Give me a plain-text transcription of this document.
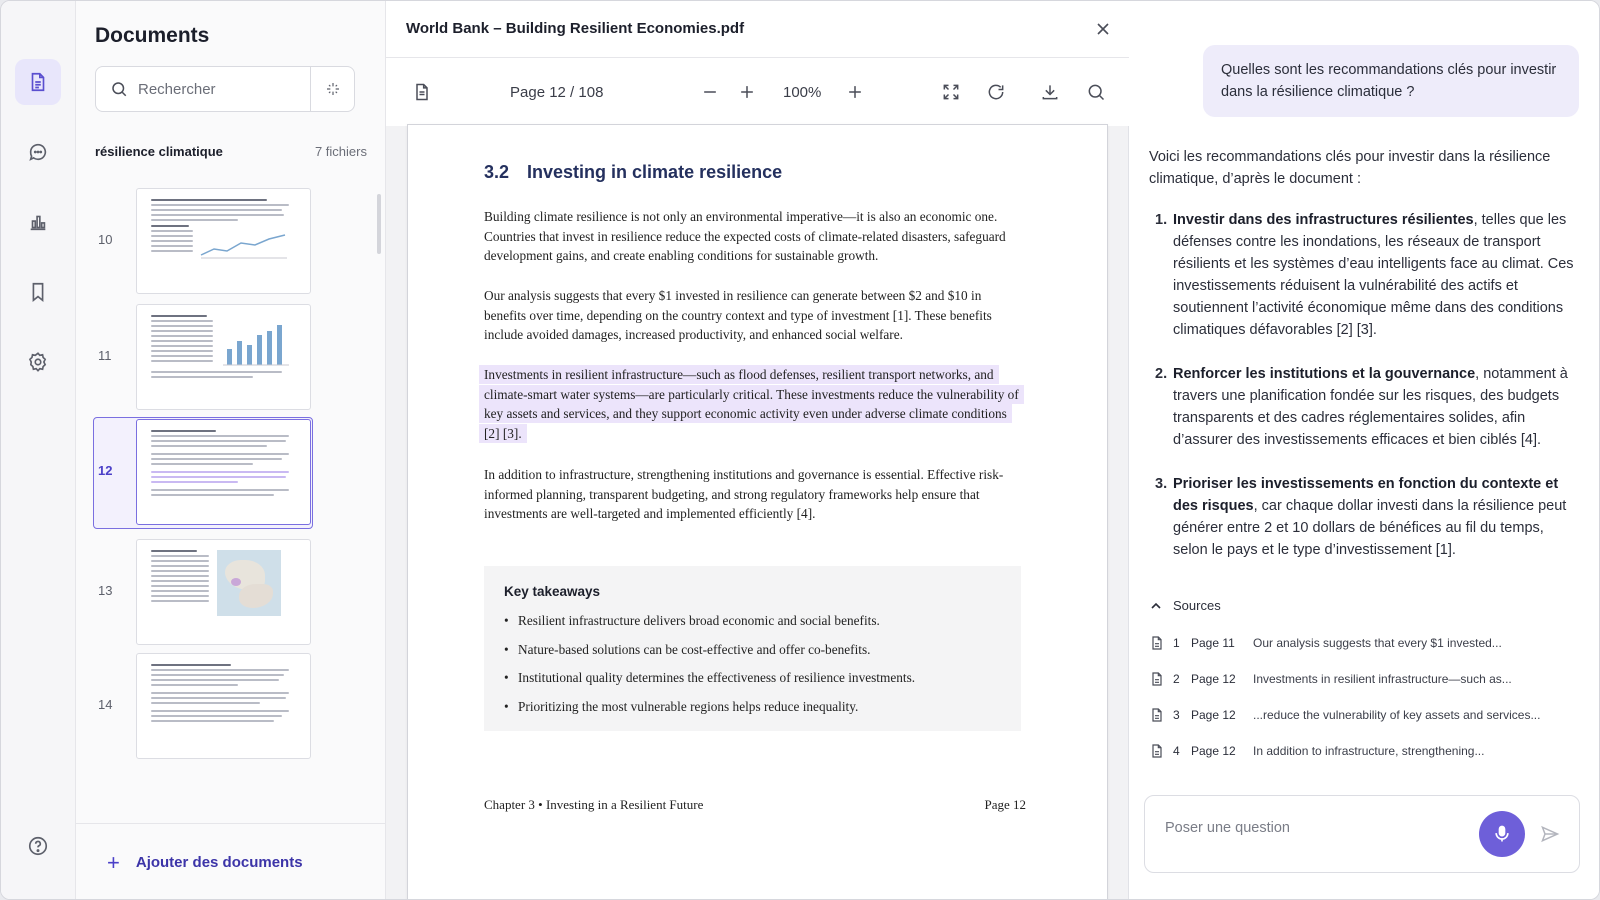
Documents
Rechercher
résilience climatique	7 fichiers
10
11
12
13
14
+ Ajouter des documents
World Bank – Building Resilient Economies.pdf
Page 12 / 108	100%
3.2 Investing in climate resilience

Building climate resilience is not only an environmental imperative—it is also an economic one. Countries that invest in resilience reduce the expected costs of climate-related disasters, safeguard development gains, and create enabling conditions for sustainable growth.

Our analysis suggests that every $1 invested in resilience can generate between $2 and $10 in benefits over time, depending on the country context and type of investment [1]. These benefits include avoided damages, increased productivity, and enhanced social welfare.

Investments in resilient infrastructure—such as flood defenses, resilient transport networks, and climate-smart water systems—are particularly critical. These investments reduce the vulnerability of key assets and services, and they support economic activity even under adverse climate conditions [2] [3].

In addition to infrastructure, strengthening institutions and governance is essential. Effective risk-informed planning, transparent budgeting, and strong regulatory frameworks help ensure that investments are well-targeted and implemented efficiently [4].

Key takeaways
• Resilient infrastructure delivers broad economic and social benefits.
• Nature-based solutions can be cost-effective and offer co-benefits.
• Institutional quality determines the effectiveness of resilience investments.
• Prioritizing the most vulnerable regions helps reduce inequality.
Chapter 3 • Investing in a Resilient Future	Page 12
Quelles sont les recommandations clés pour investir dans la résilience climatique ?

Voici les recommandations clés pour investir dans la résilience climatique, d’après le document :

1. Investir dans des infrastructures résilientes, telles que les défenses contre les inondations, les réseaux de transport résilients et les systèmes d’eau intelligents face au climat. Ces investissements réduisent la vulnérabilité des actifs et soutiennent l’activité économique même dans des conditions climatiques défavorables [2] [3].
2. Renforcer les institutions et la gouvernance, notamment à travers une planification fondée sur les risques, des budgets transparents et des cadres réglementaires solides, afin d’assurer des investissements efficaces et bien ciblés [4].
3. Prioriser les investissements en fonction du contexte et des risques, car chaque dollar investi dans la résilience peut générer entre 2 et 10 dollars de bénéfices au fil du temps, selon le pays et le type d’investissement [1].
Sources
1 Page 11	Our analysis suggests that every $1 invested...
2 Page 12	Investments in resilient infrastructure—such as...
3 Page 12	...reduce the vulnerability of key assets and services...
4 Page 12	In addition to infrastructure, strengthening...
Poser une question
